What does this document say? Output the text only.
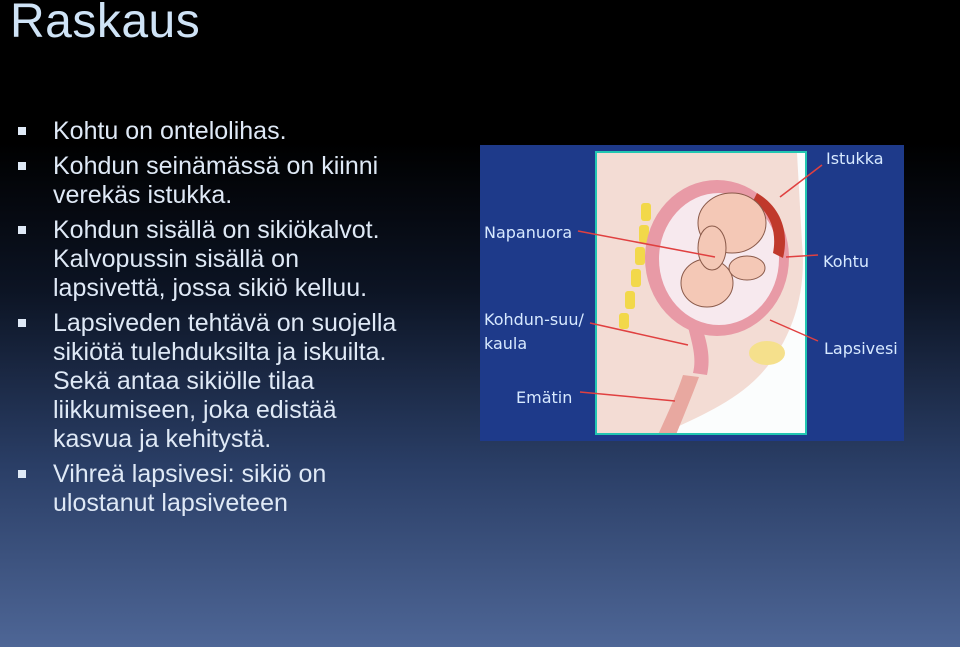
Raskaus
Kohtu on ontelolihas.
Kohdun seinämässä on kiinni verekäs istukka.
Kohdun sisällä on sikiökalvot. Kalvopussin sisällä on lapsivettä, jossa sikiö kelluu.
Lapsiveden tehtävä on suojella sikiötä tulehduksilta ja iskuilta. Sekä antaa sikiölle tilaa liikkumiseen, joka edistää kasvua ja kehitystä.
Vihreä lapsivesi: sikiö on ulostanut lapsiveteen
Istukka
Napanuora
Kohtu
Kohdun-suu/
kaula	Lapsivesi
Emätin
